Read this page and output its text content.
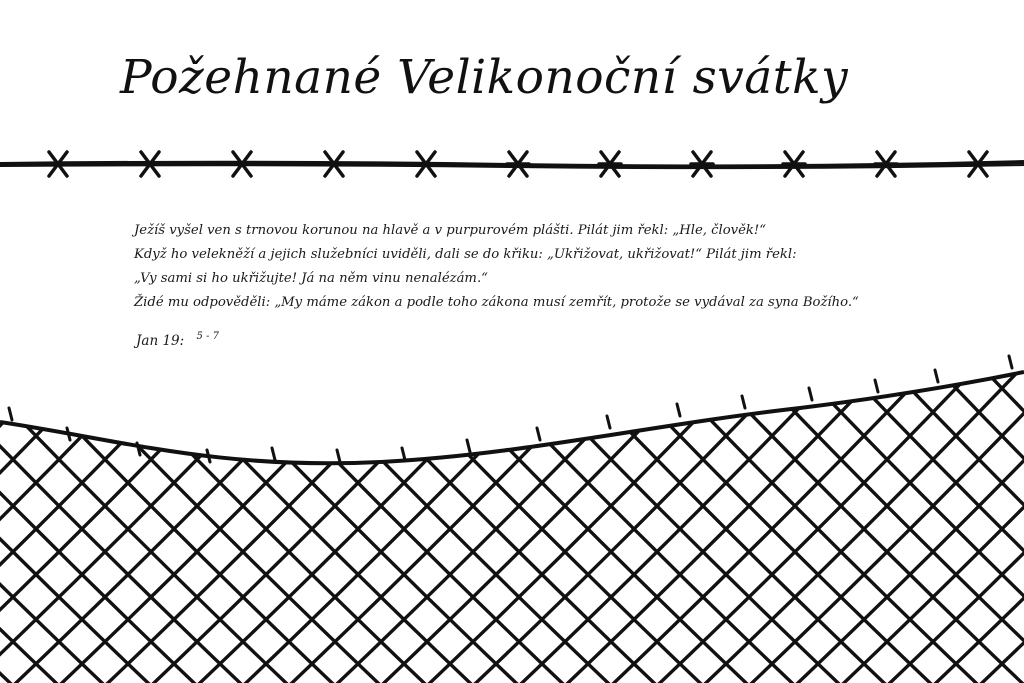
Požehnané Velikonoční svátky
Ježíš vyšel ven s trnovou korunou na hlavě a v purpurovém plášti. Pilát jim řekl: „Hle, člověk!“
Když ho velekněží a jejich služebníci uviděli, dali se do křiku: „Ukřižovat, ukřižovat!“ Pilát jim řekl:
„Vy sami si ho ukřižujte! Já na něm vinu nenalézám.“
Židé mu odpověděli: „My máme zákon a podle toho zákona musí zemřít, protože se vydával za syna Božího.“
Jan 19: $^{5 - 7}$
